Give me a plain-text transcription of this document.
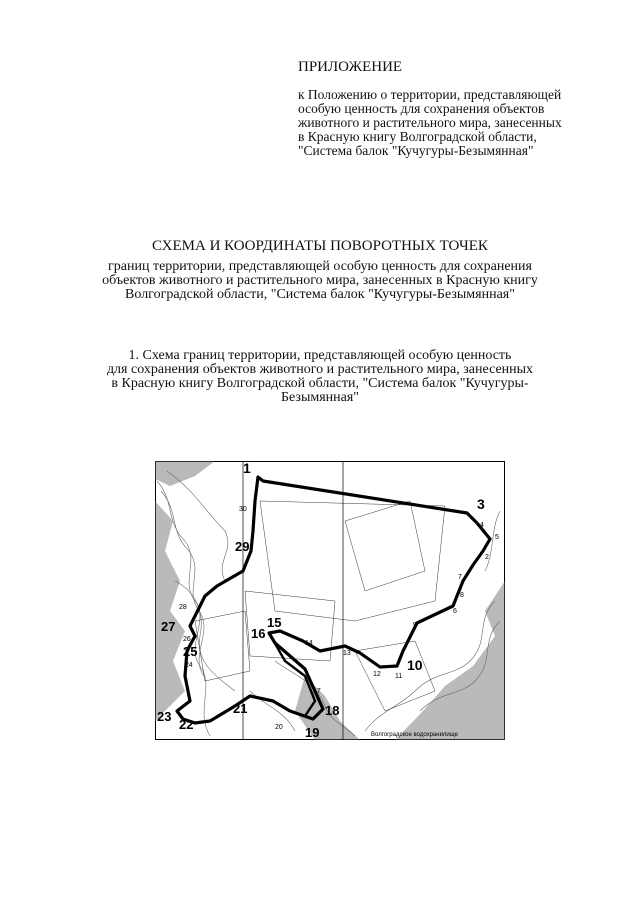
ПРИЛОЖЕНИЕ
к Положению о территории, представляющей
особую ценность для сохранения объектов
животного и растительного мира, занесенных
в Красную книгу Волгоградской области,
"Система балок "Кучугуры-Безымянная"
СХЕМА И КООРДИНАТЫ ПОВОРОТНЫХ ТОЧЕК
границ территории, представляющей особую ценность для сохранения
объектов животного и растительного мира, занесенных в Красную книгу
Волгоградской области, "Система балок "Кучугуры-Безымянная"
1. Схема границ территории, представляющей особую ценность
для сохранения объектов животного и растительного мира, занесенных
в Красную книгу Волгоградской области, "Система балок "Кучугуры-
Безымянная"
1
3
29
27
25
23
22
21
19
18
16
15
10
30
28
26
24
4
5
2
7
6
9
13
14
12 11
17
20
8
Волгоградское водохранилище
